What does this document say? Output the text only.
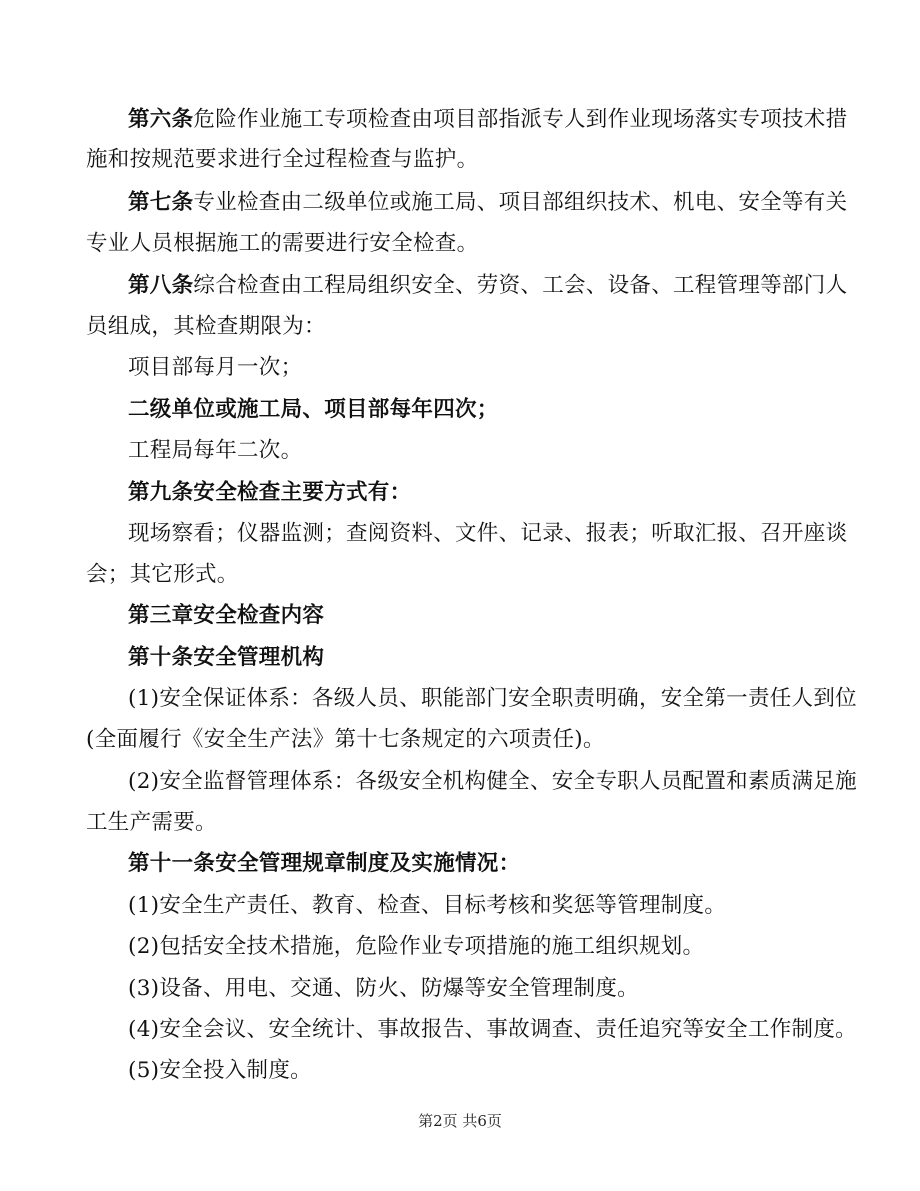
第六条危险作业施工专项检查由项目部指派专人到作业现场落实专项技术措
施和按规范要求进行全过程检查与监护。
第七条专业检查由二级单位或施工局、项目部组织技术、机电、安全等有关
专业人员根据施工的需要进行安全检查。
第八条综合检查由工程局组织安全、劳资、工会、设备、工程管理等部门人
员组成，其检查期限为：
项目部每月一次；
二级单位或施工局、项目部每年四次；
工程局每年二次。
第九条安全检查主要方式有：
现场察看；仪器监测；查阅资料、文件、记录、报表；听取汇报、召开座谈
会；其它形式。
第三章安全检查内容
第十条安全管理机构
(1)安全保证体系：各级人员、职能部门安全职责明确，安全第一责任人到位
(全面履行《安全生产法》第十七条规定的六项责任)。
(2)安全监督管理体系：各级安全机构健全、安全专职人员配置和素质满足施
工生产需要。
第十一条安全管理规章制度及实施情况：
(1)安全生产责任、教育、检查、目标考核和奖惩等管理制度。
(2)包括安全技术措施，危险作业专项措施的施工组织规划。
(3)设备、用电、交通、防火、防爆等安全管理制度。
(4)安全会议、安全统计、事故报告、事故调查、责任追究等安全工作制度。
(5)安全投入制度。
第2页 共6页
